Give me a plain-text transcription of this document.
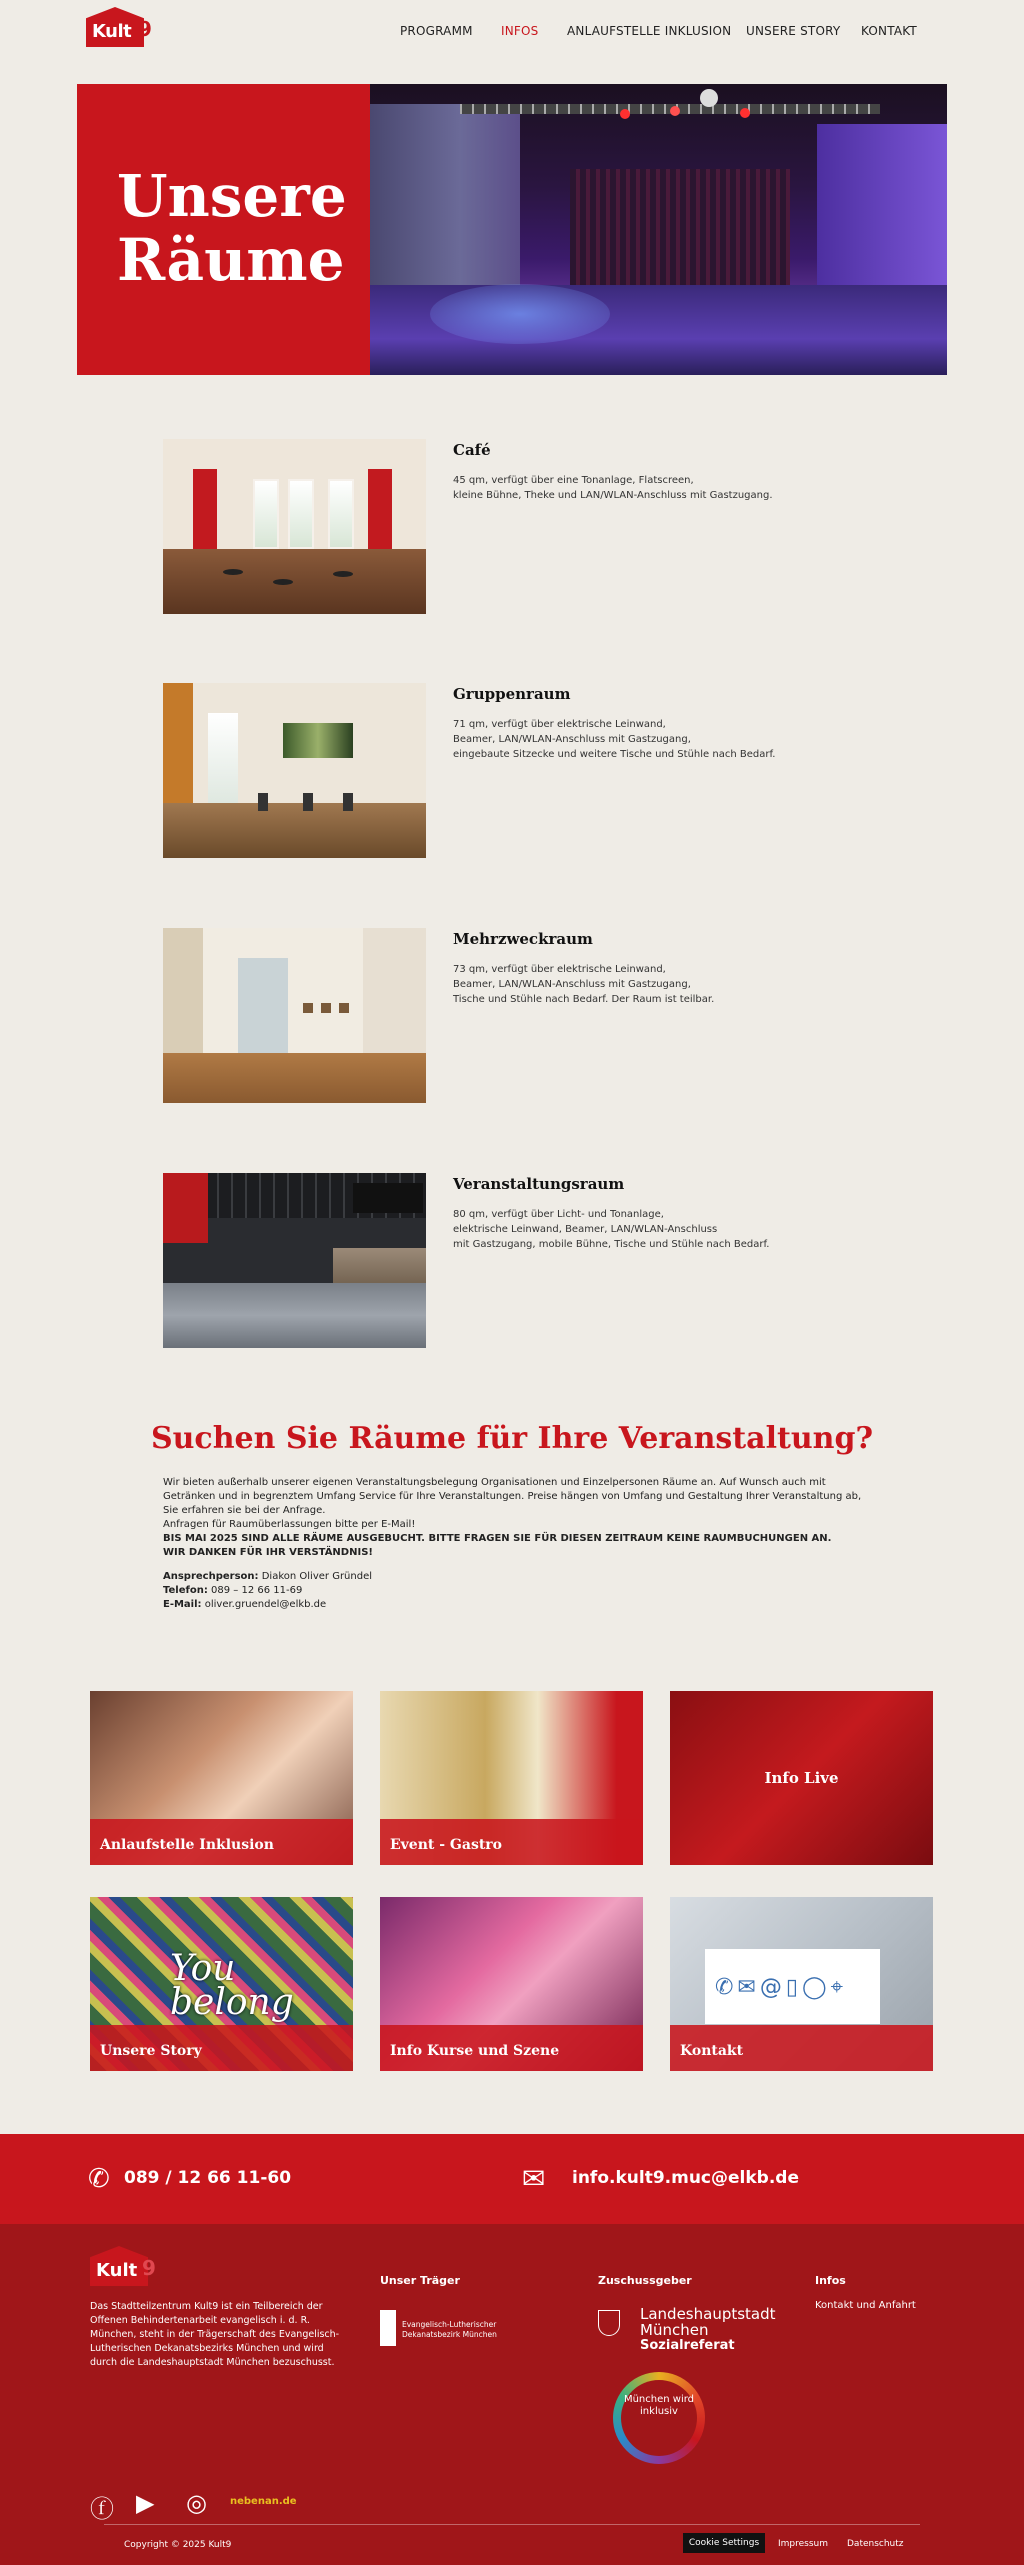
Kult 9	PROGRAMM INFOS ANLAUFSTELLE INKLUSION UNSERE STORY KONTAKT
Unsere
Räume
Café

45 qm, verfügt über eine Tonanlage, Flatscreen,
kleine Bühne, Theke und LAN/WLAN-Anschluss mit Gastzugang.

Gruppenraum

71 qm, verfügt über elektrische Leinwand,
Beamer, LAN/WLAN-Anschluss mit Gastzugang,
eingebaute Sitzecke und weitere Tische und Stühle nach Bedarf.

Mehrzweckraum

73 qm, verfügt über elektrische Leinwand,
Beamer, LAN/WLAN-Anschluss mit Gastzugang,
Tische und Stühle nach Bedarf. Der Raum ist teilbar.

Veranstaltungsraum

80 qm, verfügt über Licht- und Tonanlage,
elektrische Leinwand, Beamer, LAN/WLAN-Anschluss
mit Gastzugang, mobile Bühne, Tische und Stühle nach Bedarf.

Suchen Sie Räume für Ihre Veranstaltung?

Wir bieten außerhalb unserer eigenen Veranstaltungsbelegung Organisationen und Einzelpersonen Räume an. Auf Wunsch auch mit Getränken und in begrenztem Umfang Service für Ihre Veranstaltungen. Preise hängen von Umfang und Gestaltung Ihrer Veranstaltung ab, Sie erfahren sie bei der Anfrage.

Anfragen für Raumüberlassungen bitte per E-Mail!

BIS MAI 2025 SIND ALLE RÄUME AUSGEBUCHT. BITTE FRAGEN SIE FÜR DIESEN ZEITRAUM KEINE RAUMBUCHUNGEN AN.

WIR DANKEN FÜR IHR VERSTÄNDNIS!

Ansprechperson: Diakon Oliver Gründel

Telefon: 089 – 12 66 11-69

E-Mail: oliver.gruendel@elkb.de

Anlaufstelle Inklusion	Event - Gastro
Info Live
You belong
Unsere Story	Info Kurse und Szene
✆✉@▯◯⌖
Kontakt
✆ 089 / 12 66 11-60	✉ info.kult9.muc@elkb.de
Kult 9

Das Stadtteilzentrum Kult9 ist ein Teilbereich der Offenen Behindertenarbeit evangelisch i. d. R. München, steht in der Trägerschaft des Evangelisch-Lutherischen Dekanatsbezirks München und wird durch die Landeshauptstadt München bezuschusst.

Unser Träger
Evangelisch-Lutherischer Dekanatsbezirk München
Zuschussgeber
Landeshauptstadt München
Sozialreferat
München wird inklusiv
Infos
Kontakt und Anfahrt
ⓕ ▶ ◎ nebenan.de
Copyright © 2025 Kult9	Cookie Settings	Impressum Datenschutz
